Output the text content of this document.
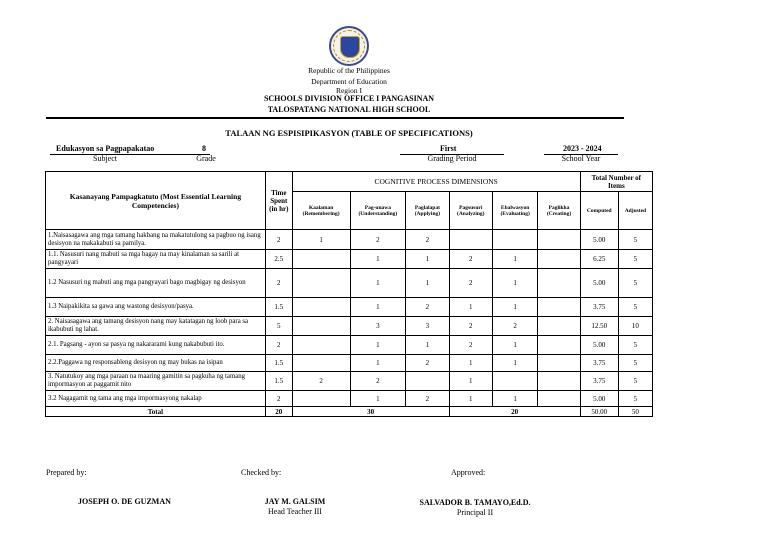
Republic of the Philippines
Department of Education
Region I
SCHOOLS DIVISION OFFICE I PANGASINAN
TALOSPATANG NATIONAL HIGH SCHOOL
TALAAN NG ESPISIPIKASYON (TABLE OF SPECIFICATIONS)
Edukasyon sa Pagpapakatao
Subject
8
Grade
First
Grading Period
2023 - 2024
School Year
Kasanayang Pampagkatuto (Most Essential Learning Competencies)	Time Spent (in hr)	COGNITIVE PROCESS DIMENSIONS						Total Number of Items	
		Kaalaman (Remembering)	Pag-unawa (Understanding)	Paglalapat (Applying)	Pagsusuri (Analyzing)	Ebalwasyon (Evaluating)	Paglikha (Creating)	Computed	Adjusted
1.Naisasagawa ang mga tamang hakbang na makatutulong sa pagbuo ng isang desisyon na makakabuti sa pamilya.	2	1	2	2				5.00	5
1.1. Nasusuri nang mabuti sa mga bagay na may kinalaman sa sarili at pangyayari	2.5		1	1	2	1		6.25	5
1.2 Nasusuri ng mabuti ang mga pangyayari bago magbigay ng desisyon	2		1	1	2	1		5.00	5
1.3 Naipakikita sa gawa ang wastong desisyon/pasya.	1.5		1	2	1	1		3.75	5
2. Naisasagawa ang tamang desisyon nang may katatagan ng loob para sa ikabubuti ng lahat.	5		3	3	2	2		12.50	10
2.1. Pagsang - ayon sa pasya ng nakararami kung nakabubuti ito.	2		1	1	2	1		5.00	5
2.2.Paggawa ng responsableng desisyon ng may bukas na isipan	1.5		1	2	1	1		3.75	5
3. Natutukoy ang mga paraan na maaring gamitin sa pagkuha ng tamang impormasyon at paggamit nito	1.5	2	2		1			3.75	5
3.2 Nagagamit ng tama ang mga impormasyong nakalap	2		1	2	1	1		5.00	5
Total	20	30			20			50.00	50
Prepared by:	Checked by:	Approved:
JOSEPH O. DE GUZMAN	JAY M. GALSIM
Head Teacher III
SALVADOR B. TAMAYO,Ed.D.
Principal II
